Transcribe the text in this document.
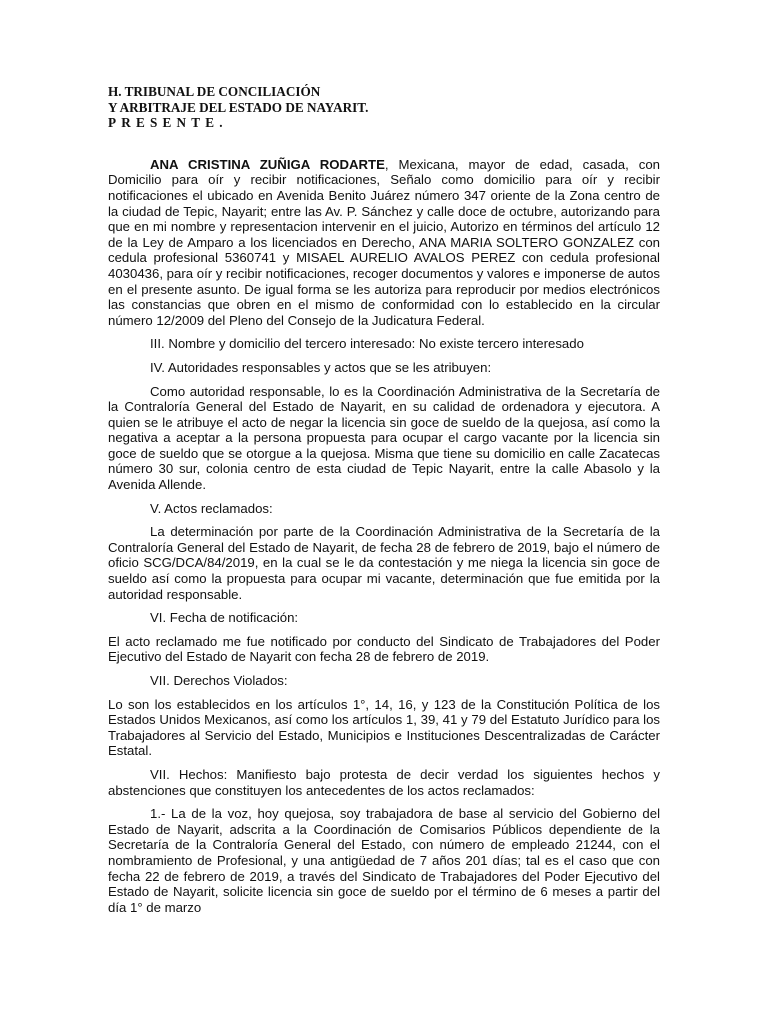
H. TRIBUNAL DE CONCILIACIÓN
Y ARBITRAJE DEL ESTADO DE NAYARIT.
PRESENTE.

ANA CRISTINA ZUÑIGA RODARTE, Mexicana, mayor de edad, casada, con Domicilio para oír y recibir notificaciones, Señalo como domicilio para oír y recibir notificaciones el ubicado en Avenida Benito Juárez número 347 oriente de la Zona centro de la ciudad de Tepic, Nayarit; entre las Av. P. Sánchez y calle doce de octubre, autorizando para que en mi nombre y representacion intervenir en el juicio, Autorizo en términos del artículo 12 de la Ley de Amparo a los licenciados en Derecho, ANA MARIA SOLTERO GONZALEZ con cedula profesional 5360741 y MISAEL AURELIO AVALOS PEREZ con cedula profesional 4030436, para oír y recibir notificaciones, recoger documentos y valores e imponerse de autos en el presente asunto. De igual forma se les autoriza para reproducir por medios electrónicos las constancias que obren en el mismo de conformidad con lo establecido en la circular número 12/2009 del Pleno del Consejo de la Judicatura Federal.

III. Nombre y domicilio del tercero interesado: No existe tercero interesado

IV. Autoridades responsables y actos que se les atribuyen:

Como autoridad responsable, lo es la Coordinación Administrativa de la Secretaría de la Contraloría General del Estado de Nayarit, en su calidad de ordenadora y ejecutora. A quien se le atribuye el acto de negar la licencia sin goce de sueldo de la quejosa, así como la negativa a aceptar a la persona propuesta para ocupar el cargo vacante por la licencia sin goce de sueldo que se otorgue a la quejosa. Misma que tiene su domicilio en calle Zacatecas número 30 sur, colonia centro de esta ciudad de Tepic Nayarit, entre la calle Abasolo y la Avenida Allende.

V. Actos reclamados:

La determinación por parte de la Coordinación Administrativa de la Secretaría de la Contraloría General del Estado de Nayarit, de fecha 28 de febrero de 2019, bajo el número de oficio SCG/DCA/84/2019, en la cual se le da contestación y me niega la licencia sin goce de sueldo así como la propuesta para ocupar mi vacante, determinación que fue emitida por la autoridad responsable.

VI. Fecha de notificación:

El acto reclamado me fue notificado por conducto del Sindicato de Trabajadores del Poder Ejecutivo del Estado de Nayarit con fecha 28 de febrero de 2019.

VII. Derechos Violados:

Lo son los establecidos en los artículos 1°, 14, 16, y 123 de la Constitución Política de los Estados Unidos Mexicanos, así como los artículos 1, 39, 41 y 79 del Estatuto Jurídico para los Trabajadores al Servicio del Estado, Municipios e Instituciones Descentralizadas de Carácter Estatal.

VII. Hechos: Manifiesto bajo protesta de decir verdad los siguientes hechos y abstenciones que constituyen los antecedentes de los actos reclamados:

1.- La de la voz, hoy quejosa, soy trabajadora de base al servicio del Gobierno del Estado de Nayarit, adscrita a la Coordinación de Comisarios Públicos dependiente de la Secretaría de la Contraloría General del Estado, con número de empleado 21244, con el nombramiento de Profesional, y una antigüedad de 7 años 201 días; tal es el caso que con fecha 22 de febrero de 2019, a través del Sindicato de Trabajadores del Poder Ejecutivo del Estado de Nayarit, solicite licencia sin goce de sueldo por el término de 6 meses a partir del día 1° de marzo
